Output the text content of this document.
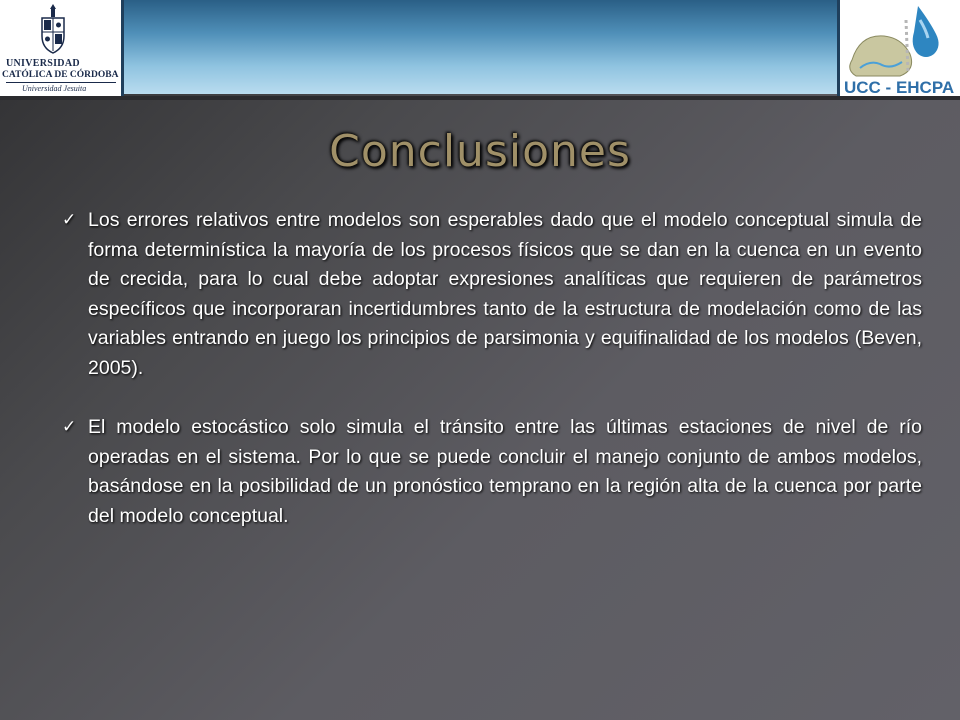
UNIVERSIDAD
CATÓLICA DE CÓRDOBA
Universidad Jesuita	UCC - EHCPA
Conclusiones
✓ Los errores relativos entre modelos son esperables dado que el modelo conceptual simula de forma determinística la mayoría de los procesos físicos que se dan en la cuenca en un evento de crecida, para lo cual debe adoptar expresiones analíticas que requieren de parámetros específicos que incorporaran incertidumbres tanto de la estructura de modelación como de las variables entrando en juego los principios de parsimonia y equifinalidad de los modelos (Beven, 2005).
✓ El modelo estocástico solo simula el tránsito entre las últimas estaciones de nivel de río operadas en el sistema. Por lo que se puede concluir el manejo conjunto de ambos modelos, basándose en la posibilidad de un pronóstico temprano en la región alta de la cuenca por parte del modelo conceptual.
